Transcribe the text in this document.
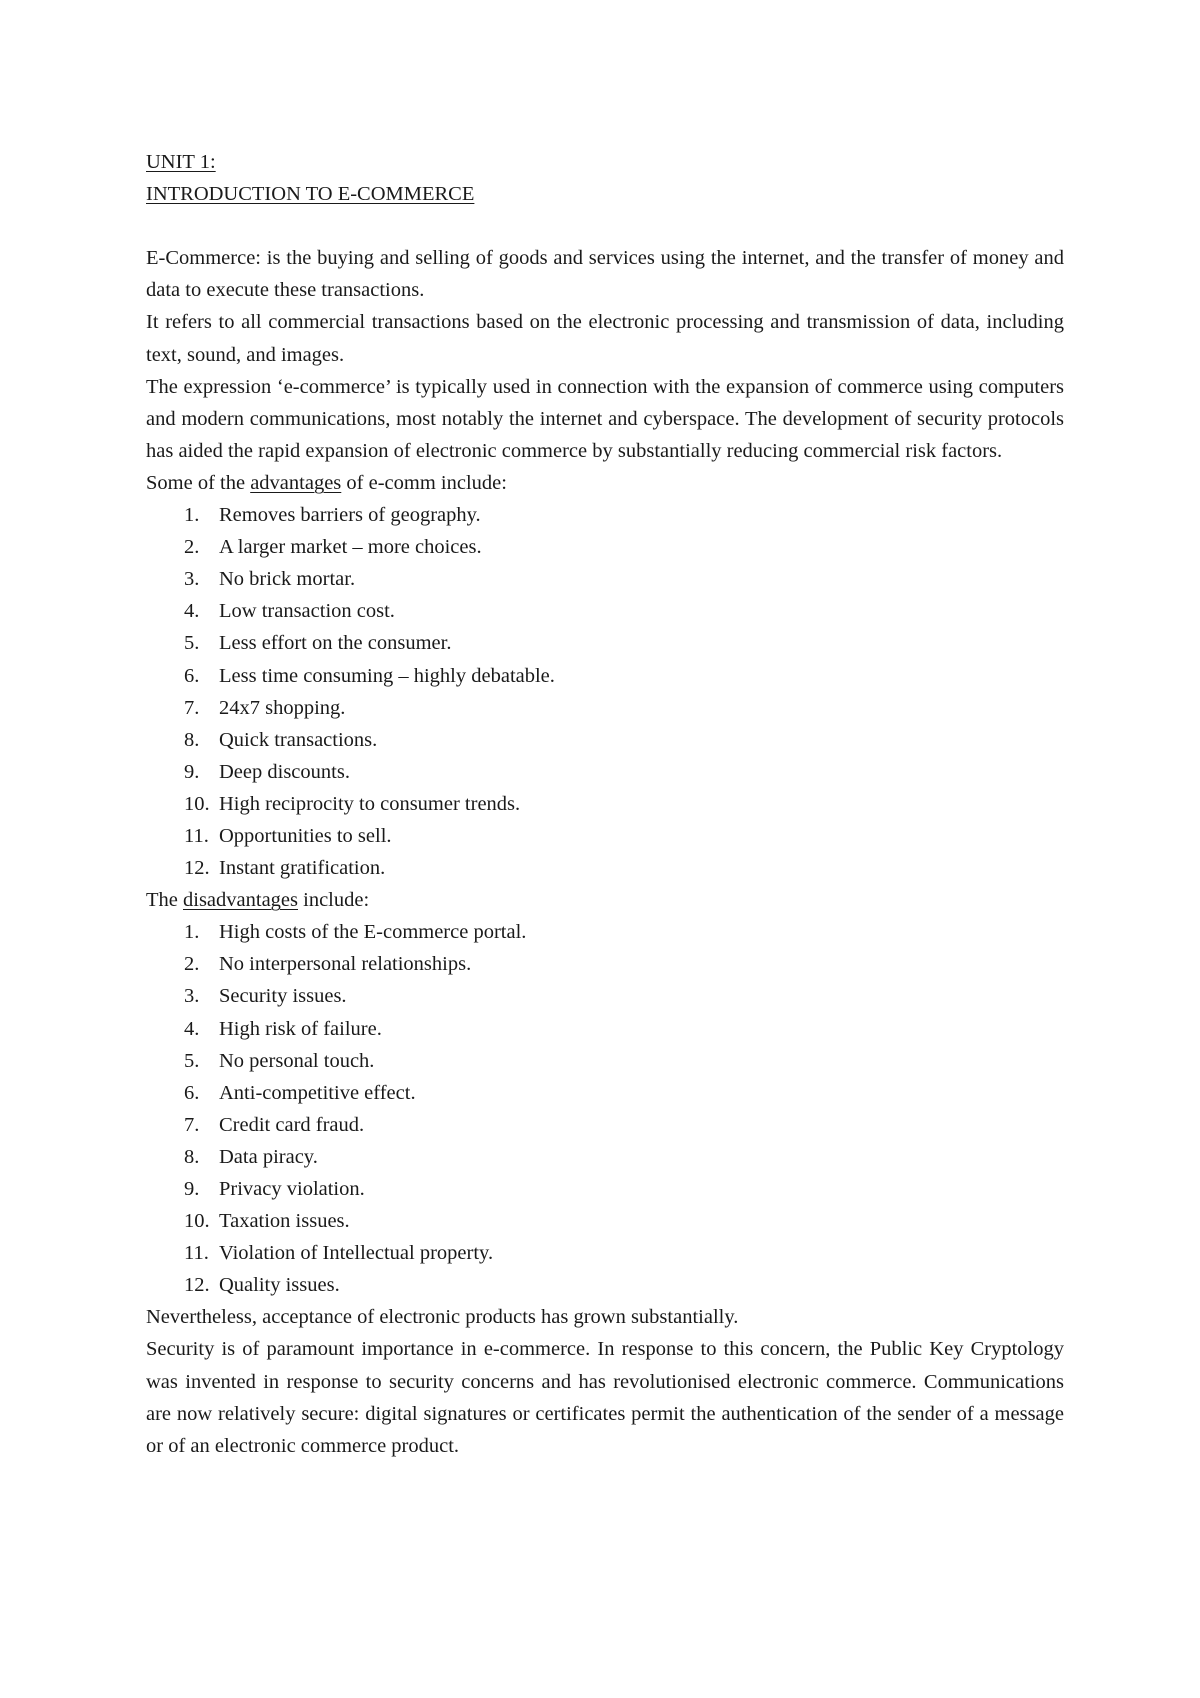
UNIT 1:
INTRODUCTION TO E-COMMERCE
E-Commerce: is the buying and selling of goods and services using the internet, and the transfer of money and data to execute these transactions.
It refers to all commercial transactions based on the electronic processing and transmission of data, including text, sound, and images.
The expression ‘e-commerce’ is typically used in connection with the expansion of commerce using computers and modern communications, most notably the internet and cyberspace. The development of security protocols has aided the rapid expansion of electronic commerce by substantially reducing commercial risk factors.
Some of the advantages of e-comm include:
1. Removes barriers of geography.
2. A larger market – more choices.
3. No brick mortar.
4. Low transaction cost.
5. Less effort on the consumer.
6. Less time consuming – highly debatable.
7. 24x7 shopping.
8. Quick transactions.
9. Deep discounts.
10. High reciprocity to consumer trends.
11. Opportunities to sell.
12. Instant gratification.
The disadvantages include:
1. High costs of the E-commerce portal.
2. No interpersonal relationships.
3. Security issues.
4. High risk of failure.
5. No personal touch.
6. Anti-competitive effect.
7. Credit card fraud.
8. Data piracy.
9. Privacy violation.
10. Taxation issues.
11. Violation of Intellectual property.
12. Quality issues.
Nevertheless, acceptance of electronic products has grown substantially.
Security is of paramount importance in e-commerce. In response to this concern, the Public Key Cryptology was invented in response to security concerns and has revolutionised electronic commerce. Communications are now relatively secure: digital signatures or certificates permit the authentication of the sender of a message or of an electronic commerce product.
